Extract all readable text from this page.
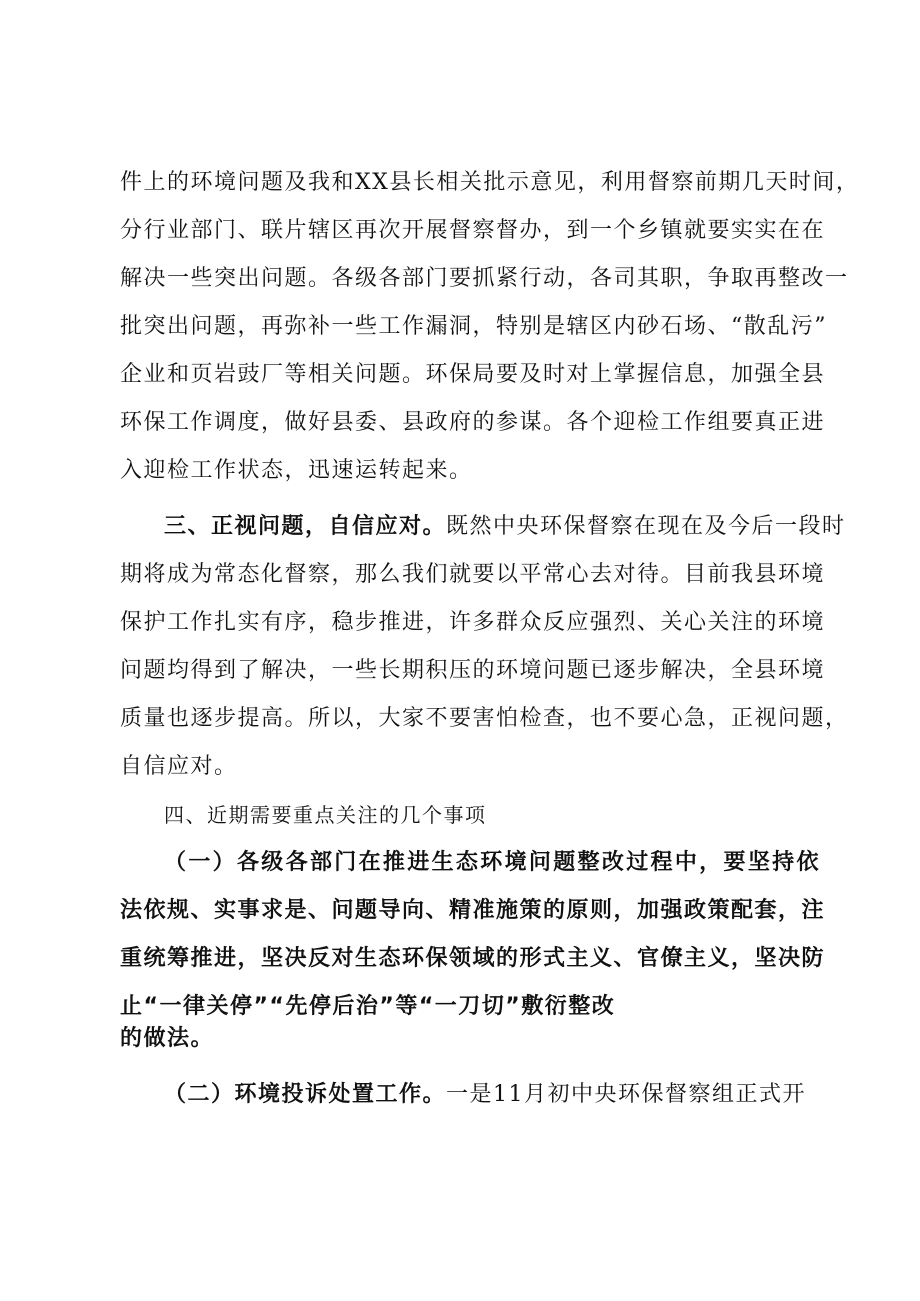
件上的环境问题及我和XX县长相关批示意见，利用督察前期几天时间，
分行业部门、联片辖区再次开展督察督办，到一个乡镇就要实实在在
解决一些突出问题。各级各部门要抓紧行动，各司其职，争取再整改一
批突出问题，再弥补一些工作漏洞，特别是辖区内砂石场、“散乱污”
企业和页岩豉厂等相关问题。环保局要及时对上掌握信息，加强全县
环保工作调度，做好县委、县政府的参谋。各个迎检工作组要真正进
入迎检工作状态，迅速运转起来。
三、正视问题，自信应对。既然中央环保督察在现在及今后一段时
期将成为常态化督察，那么我们就要以平常心去对待。目前我县环境
保护工作扎实有序，稳步推进，许多群众反应强烈、关心关注的环境
问题均得到了解决，一些长期积压的环境问题已逐步解决，全县环境
质量也逐步提高。所以，大家不要害怕检查，也不要心急，正视问题，
自信应对。
四、近期需要重点关注的几个事项
（一）各级各部门在推进生态环境问题整改过程中，要坚持依
法依规、实事求是、问题导向、精准施策的原则，加强政策配套，注
重统筹推进，坚决反对生态环保领域的形式主义、官僚主义，坚决防
止“一律关停”“先停后治”等“一刀切”敷衍整改
的做法。
（二）环境投诉处置工作。一是11月初中央环保督察组正式开
